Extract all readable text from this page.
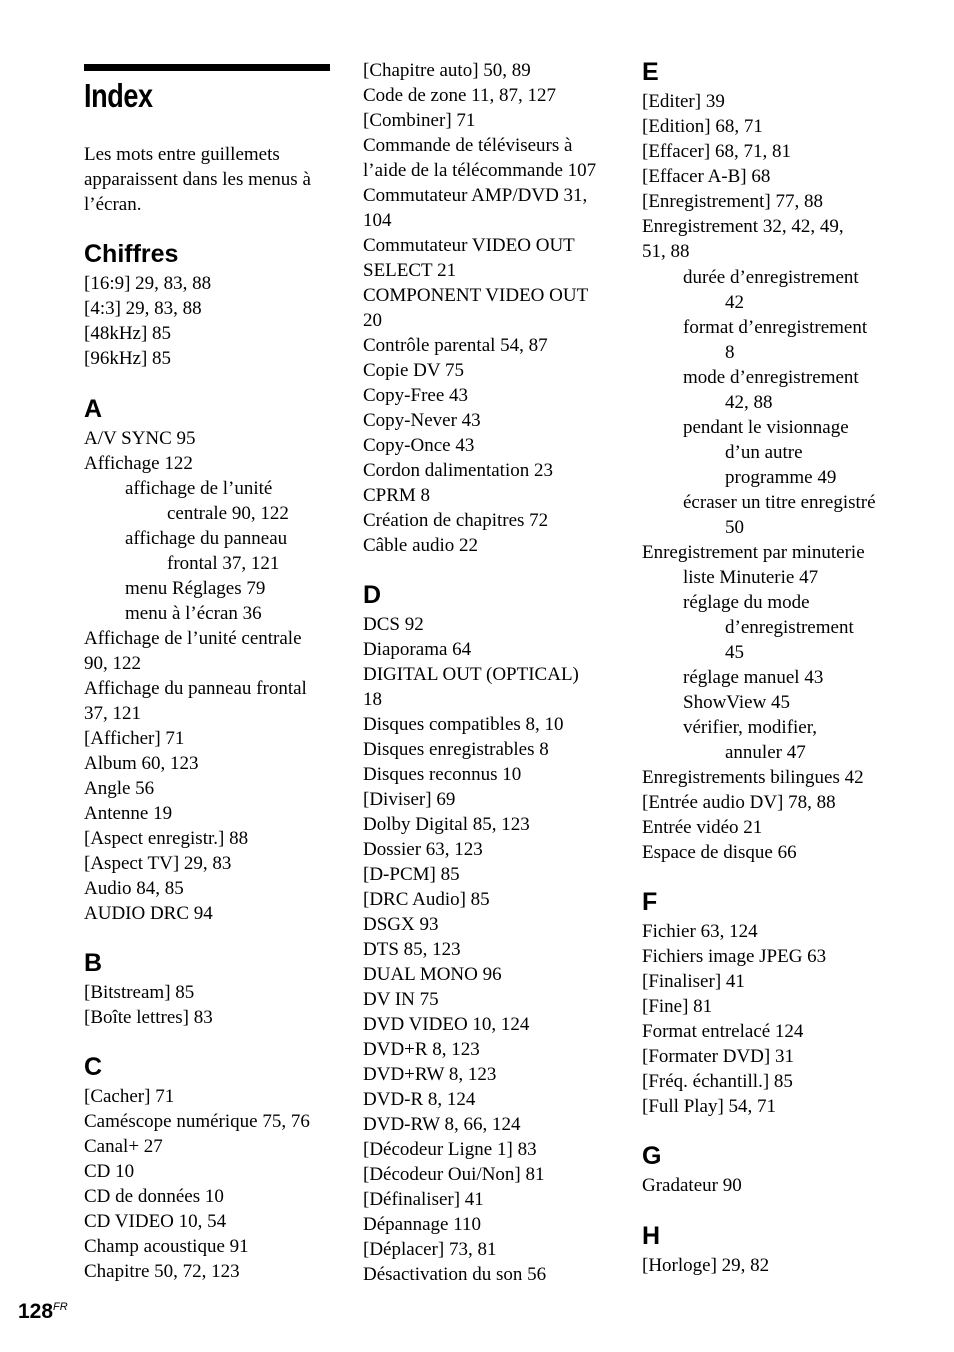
Index

Les mots entre guillemets apparaissent dans les menus à l’écran.

Chiffres
[16:9] 29, 83, 88
[4:3] 29, 83, 88
[48kHz] 85
[96kHz] 85
A
A/V SYNC 95
Affichage 122
affichage de l’unité
centrale 90, 122
affichage du panneau
frontal 37, 121
menu Réglages 79
menu à l’écran 36
Affichage de l’unité centrale
90, 122
Affichage du panneau frontal
37, 121
[Afficher] 71
Album 60, 123
Angle 56
Antenne 19
[Aspect enregistr.] 88
[Aspect TV] 29, 83
Audio 84, 85
AUDIO DRC 94
B
[Bitstream] 85
[Boîte lettres] 83
C
[Cacher] 71
Caméscope numérique 75, 76
Canal+ 27
CD 10
CD de données 10
CD VIDEO 10, 54
Champ acoustique 91
Chapitre 50, 72, 123
[Chapitre auto] 50, 89
Code de zone 11, 87, 127
[Combiner] 71
Commande de téléviseurs à
l’aide de la télécommande 107
Commutateur AMP/DVD 31,
104
Commutateur VIDEO OUT
SELECT 21
COMPONENT VIDEO OUT
20
Contrôle parental 54, 87
Copie DV 75
Copy-Free 43
Copy-Never 43
Copy-Once 43
Cordon dalimentation 23
CPRM 8
Création de chapitres 72
Câble audio 22
D
DCS 92
Diaporama 64
DIGITAL OUT (OPTICAL)
18
Disques compatibles 8, 10
Disques enregistrables 8
Disques reconnus 10
[Diviser] 69
Dolby Digital 85, 123
Dossier 63, 123
[D-PCM] 85
[DRC Audio] 85
DSGX 93
DTS 85, 123
DUAL MONO 96
DV IN 75
DVD VIDEO 10, 124
DVD+R 8, 123
DVD+RW 8, 123
DVD-R 8, 124
DVD-RW 8, 66, 124
[Décodeur Ligne 1] 83
[Décodeur Oui/Non] 81
[Définaliser] 41
Dépannage 110
[Déplacer] 73, 81
Désactivation du son 56
E
[Editer] 39
[Edition] 68, 71
[Effacer] 68, 71, 81
[Effacer A-B] 68
[Enregistrement] 77, 88
Enregistrement 32, 42, 49,
51, 88
durée d’enregistrement
42
format d’enregistrement
8
mode d’enregistrement
42, 88
pendant le visionnage
d’un autre
programme 49
écraser un titre enregistré
50
Enregistrement par minuterie
liste Minuterie 47
réglage du mode
d’enregistrement
45
réglage manuel 43
ShowView 45
vérifier, modifier,
annuler 47
Enregistrements bilingues 42
[Entrée audio DV] 78, 88
Entrée vidéo 21
Espace de disque 66
F
Fichier 63, 124
Fichiers image JPEG 63
[Finaliser] 41
[Fine] 81
Format entrelacé 124
[Formater DVD] 31
[Fréq. échantill.] 85
[Full Play] 54, 71
G
Gradateur 90
H
[Horloge] 29, 82
$128^{FR}$
